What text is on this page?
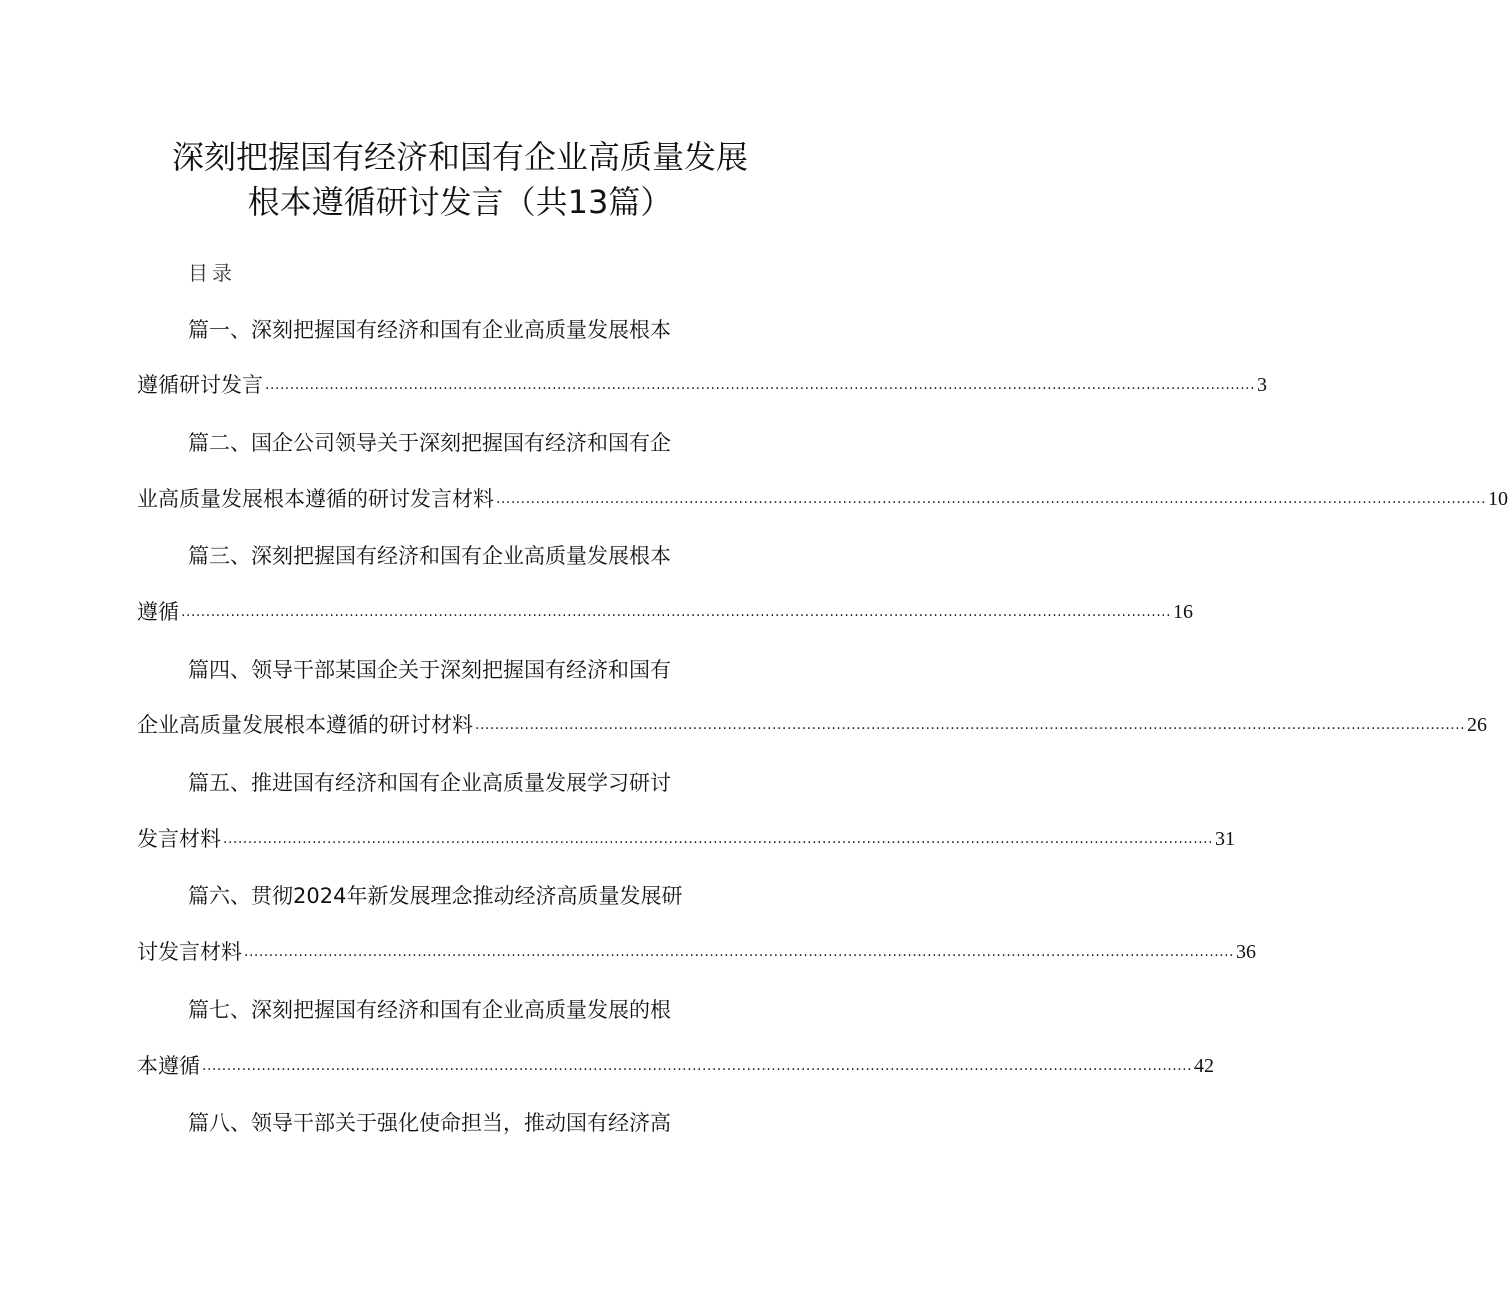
深刻把握国有经济和国有企业高质量发展
根本遵循研讨发言（共13篇）
目录
篇一、深刻把握国有经济和国有企业高质量发展根本
遵循研讨发言 ........................................................................................................................................................................................................ 3
篇二、国企公司领导关于深刻把握国有经济和国有企
业高质量发展根本遵循的研讨发言材料 ........................................................................................................................................................................................................ 10
篇三、深刻把握国有经济和国有企业高质量发展根本
遵循 ........................................................................................................................................................................................................ 16
篇四、领导干部某国企关于深刻把握国有经济和国有
企业高质量发展根本遵循的研讨材料 ........................................................................................................................................................................................................ 26
篇五、推进国有经济和国有企业高质量发展学习研讨
发言材料 ........................................................................................................................................................................................................ 31
篇六、贯彻2024年新发展理念推动经济高质量发展研
讨发言材料 ........................................................................................................................................................................................................ 36
篇七、深刻把握国有经济和国有企业高质量发展的根
本遵循 ........................................................................................................................................................................................................ 42
篇八、领导干部关于强化使命担当，推动国有经济高
